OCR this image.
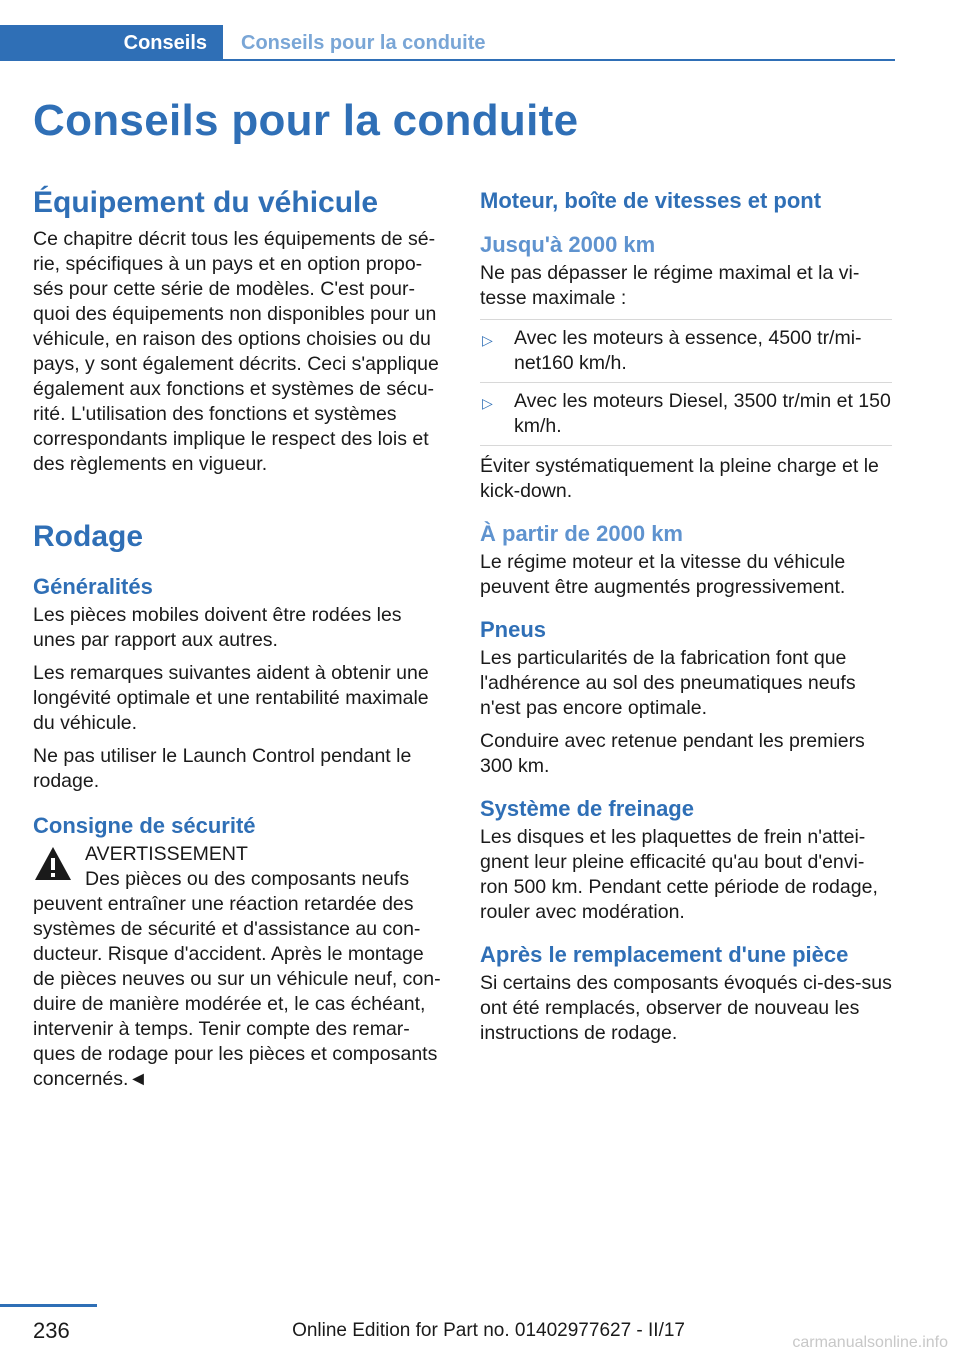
Conseils	Conseils pour la conduite
Conseils pour la conduite
Équipement du véhicule

Ce chapitre décrit tous les équipements de sé-rie, spécifiques à un pays et en option propo-sés pour cette série de modèles. C'est pour-quoi des équipements non disponibles pour un véhicule, en raison des options choisies ou du pays, y sont également décrits. Ceci s'applique également aux fonctions et systèmes de sécu-rité. L'utilisation des fonctions et systèmes correspondants implique le respect des lois et des règlements en vigueur.

Rodage
Généralités

Les pièces mobiles doivent être rodées les unes par rapport aux autres.

Les remarques suivantes aident à obtenir une longévité optimale et une rentabilité maximale du véhicule.

Ne pas utiliser le Launch Control pendant le rodage.

Consigne de sécurité
AVERTISSEMENT
Des pièces ou des composants neufs peuvent entraîner une réaction retardée des systèmes de sécurité et d'assistance au con-ducteur. Risque d'accident. Après le montage de pièces neuves ou sur un véhicule neuf, con-duire de manière modérée et, le cas échéant, intervenir à temps. Tenir compte des remar-ques de rodage pour les pièces et composants concernés.◄
Moteur, boîte de vitesses et pont
Jusqu'à 2000 km

Ne pas dépasser le régime maximal et la vi-tesse maximale :

▷ Avec les moteurs à essence, 4500 tr/mi-net160 km/h.
▷ Avec les moteurs Diesel, 3500 tr/min et 150 km/h.

Éviter systématiquement la pleine charge et le kick-down.

À partir de 2000 km

Le régime moteur et la vitesse du véhicule peuvent être augmentés progressivement.

Pneus

Les particularités de la fabrication font que l'adhérence au sol des pneumatiques neufs n'est pas encore optimale.

Conduire avec retenue pendant les premiers 300 km.

Système de freinage

Les disques et les plaquettes de frein n'attei-gnent leur pleine efficacité qu'au bout d'envi-ron 500 km. Pendant cette période de rodage, rouler avec modération.

Après le remplacement d'une pièce

Si certains des composants évoqués ci-des-sus ont été remplacés, observer de nouveau les instructions de rodage.

236	Online Edition for Part no. 01402977627 - II/17
carmanualsonline.info
